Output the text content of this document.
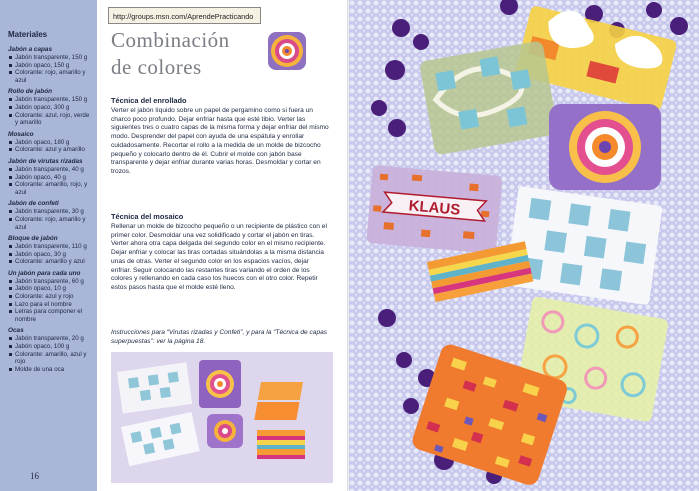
Materiales
Jabón a capas
Jabón transparente, 150 g
Jabón opaco, 150 g
Colorante: rojo, amarillo y azul
Rollo de jabón
Jabón transparente, 150 g
Jabón opaco, 300 g
Colorante: azul, rojo, verde y amarillo
Mosaico
Jabón opaco, 180 g
Colorante: azul y amarillo
Jabón de virutas rizadas
Jabón transparente, 40 g
Jabón opaco, 40 g
Colorante: amarillo, rojo, y azul
Jabón de confeti
Jabón transparente, 30 g
Colorante: rojo, amarillo y azul
Bloque de jabón
Jabón transparente, 110 g
Jabón opaco, 30 g
Colorante: amarillo y azul
Un jabón para cada uno
Jabón transparente, 60 g
Jabón opaco, 10 g
Colorante: azul y rojo
Lazo para el nombre
Letras para componer el nombre
Ocas
Jabón transparente, 20 g
Jabón opaco, 100 g
Colorante: amarillo, azul y rojo
Molde de una oca
16
http://groups.msn.com/AprendePracticando
Combinación
de colores
Técnica del enrollado
Verter el jabón líquido sobre un papel de pergamino como si fuera un charco poco profundo. Dejar enfriar hasta que esté tibio. Verter las siguientes tres o cuatro capas de la misma forma y dejar enfriar del mismo modo. Desprender del papel con ayuda de una espátula y enrollar cuidadosamente. Recortar el rollo a la medida de un molde de bizcocho pequeño y colocarlo dentro de él. Cubrir el molde con jabón base transparente y dejar enfriar durante varias horas. Desmoldar y cortar en trozos.
Técnica del mosaico
Rellenar un molde de bizcocho pequeño o un recipiente de plástico con el primer color. Desmoldar una vez solidificado y cortar el jabón en tiras. Verter ahora otra capa delgada del segundo color en el mismo recipiente. Dejar enfriar y colocar las tiras cortadas situándolas a la misma distancia unas de otras. Verter el segundo color en los espacios vacíos, dejar enfriar. Seguir colocando las restantes tiras variando el orden de los colores y rellenando en cada caso los huecos con el otro color. Repetir estos pasos hasta que el molde esté lleno.
Instrucciones para “Virutas rizadas y Confeti”, y para la “Técnica de capas superpuestas”: ver la página 18.
KLAUS
